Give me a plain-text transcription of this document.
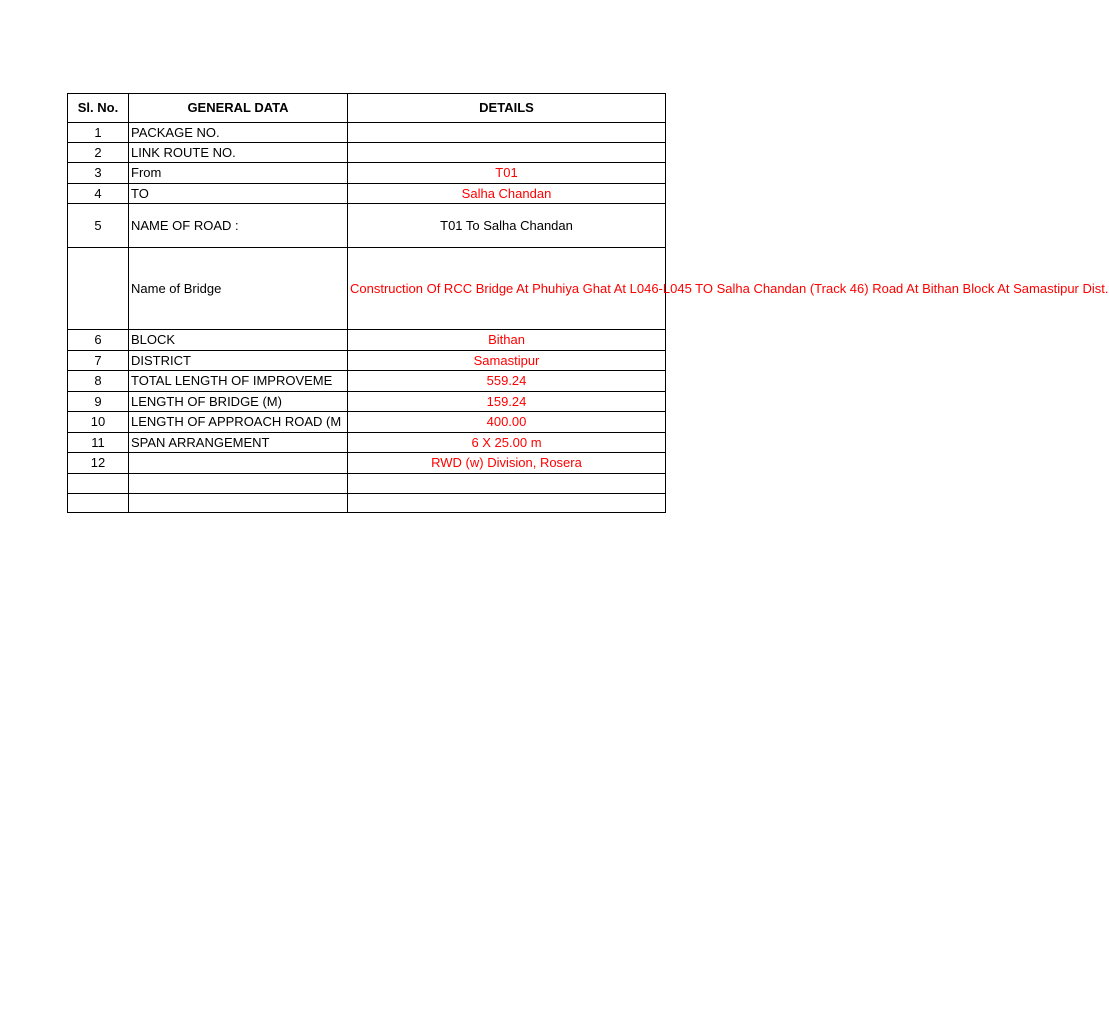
Sl. No.	GENERAL DATA	DETAILS
1	PACKAGE NO.	
2	LINK ROUTE NO.	
3	From	T01
4	TO	Salha Chandan
5	NAME OF ROAD :	T01 To Salha Chandan
	Name of Bridge	Construction Of RCC Bridge At Phuhiya Ghat At L046-L045 TO Salha Chandan (Track 46) Road At Bithan Block At Samastipur Dist.
6	BLOCK	Bithan
7	DISTRICT	Samastipur
8	TOTAL LENGTH OF IMPROVEME	559.24
9	LENGTH OF BRIDGE (M)	159.24
10	LENGTH OF APPROACH ROAD (M	400.00
11	SPAN ARRANGEMENT	6 X 25.00 m
12		RWD (w) Division, Rosera
